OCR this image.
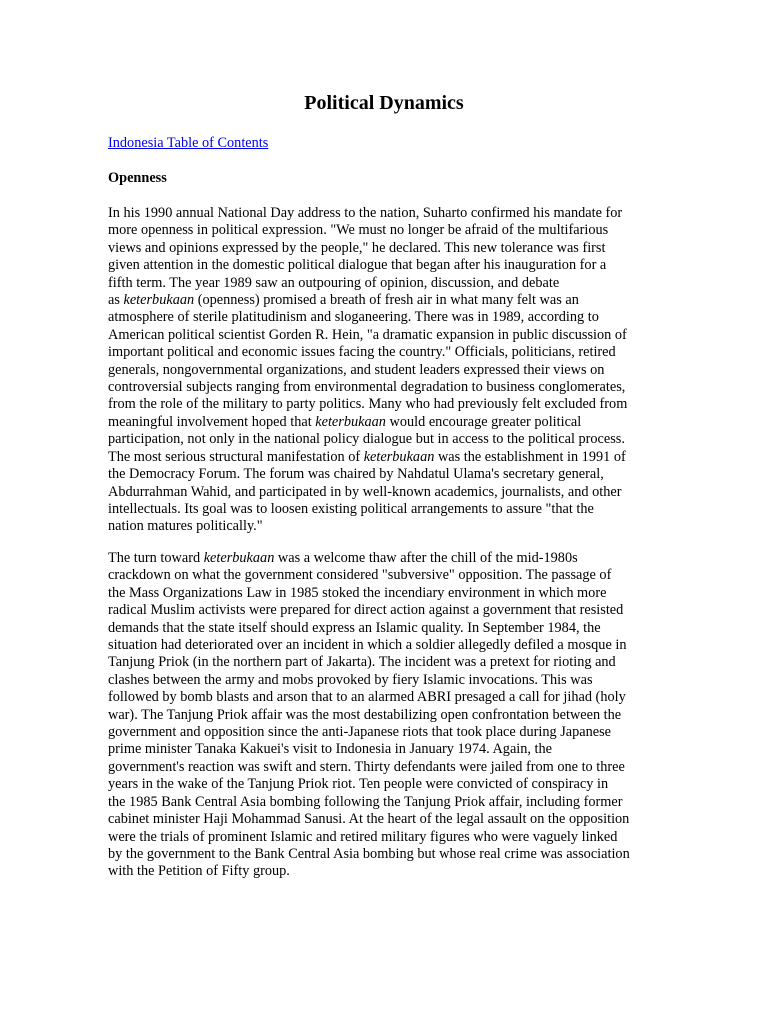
Political Dynamics
Indonesia Table of Contents
Openness

In his 1990 annual National Day address to the nation, Suharto confirmed his mandate for
more openness in political expression. "We must no longer be afraid of the multifarious
views and opinions expressed by the people," he declared. This new tolerance was first
given attention in the domestic political dialogue that began after his inauguration for a
fifth term. The year 1989 saw an outpouring of opinion, discussion, and debate
as keterbukaan (openness) promised a breath of fresh air in what many felt was an
atmosphere of sterile platitudinism and sloganeering. There was in 1989, according to
American political scientist Gorden R. Hein, "a dramatic expansion in public discussion of
important political and economic issues facing the country." Officials, politicians, retired
generals, nongovernmental organizations, and student leaders expressed their views on
controversial subjects ranging from environmental degradation to business conglomerates,
from the role of the military to party politics. Many who had previously felt excluded from
meaningful involvement hoped that keterbukaan would encourage greater political
participation, not only in the national policy dialogue but in access to the political process.
The most serious structural manifestation of keterbukaan was the establishment in 1991 of
the Democracy Forum. The forum was chaired by Nahdatul Ulama's secretary general,
Abdurrahman Wahid, and participated in by well-known academics, journalists, and other
intellectuals. Its goal was to loosen existing political arrangements to assure "that the
nation matures politically."

The turn toward keterbukaan was a welcome thaw after the chill of the mid-1980s
crackdown on what the government considered "subversive" opposition. The passage of
the Mass Organizations Law in 1985 stoked the incendiary environment in which more
radical Muslim activists were prepared for direct action against a government that resisted
demands that the state itself should express an Islamic quality. In September 1984, the
situation had deteriorated over an incident in which a soldier allegedly defiled a mosque in
Tanjung Priok (in the northern part of Jakarta). The incident was a pretext for rioting and
clashes between the army and mobs provoked by fiery Islamic invocations. This was
followed by bomb blasts and arson that to an alarmed ABRI presaged a call for jihad (holy
war). The Tanjung Priok affair was the most destabilizing open confrontation between the
government and opposition since the anti-Japanese riots that took place during Japanese
prime minister Tanaka Kakuei's visit to Indonesia in January 1974. Again, the
government's reaction was swift and stern. Thirty defendants were jailed from one to three
years in the wake of the Tanjung Priok riot. Ten people were convicted of conspiracy in
the 1985 Bank Central Asia bombing following the Tanjung Priok affair, including former
cabinet minister Haji Mohammad Sanusi. At the heart of the legal assault on the opposition
were the trials of prominent Islamic and retired military figures who were vaguely linked
by the government to the Bank Central Asia bombing but whose real crime was association
with the Petition of Fifty group.
